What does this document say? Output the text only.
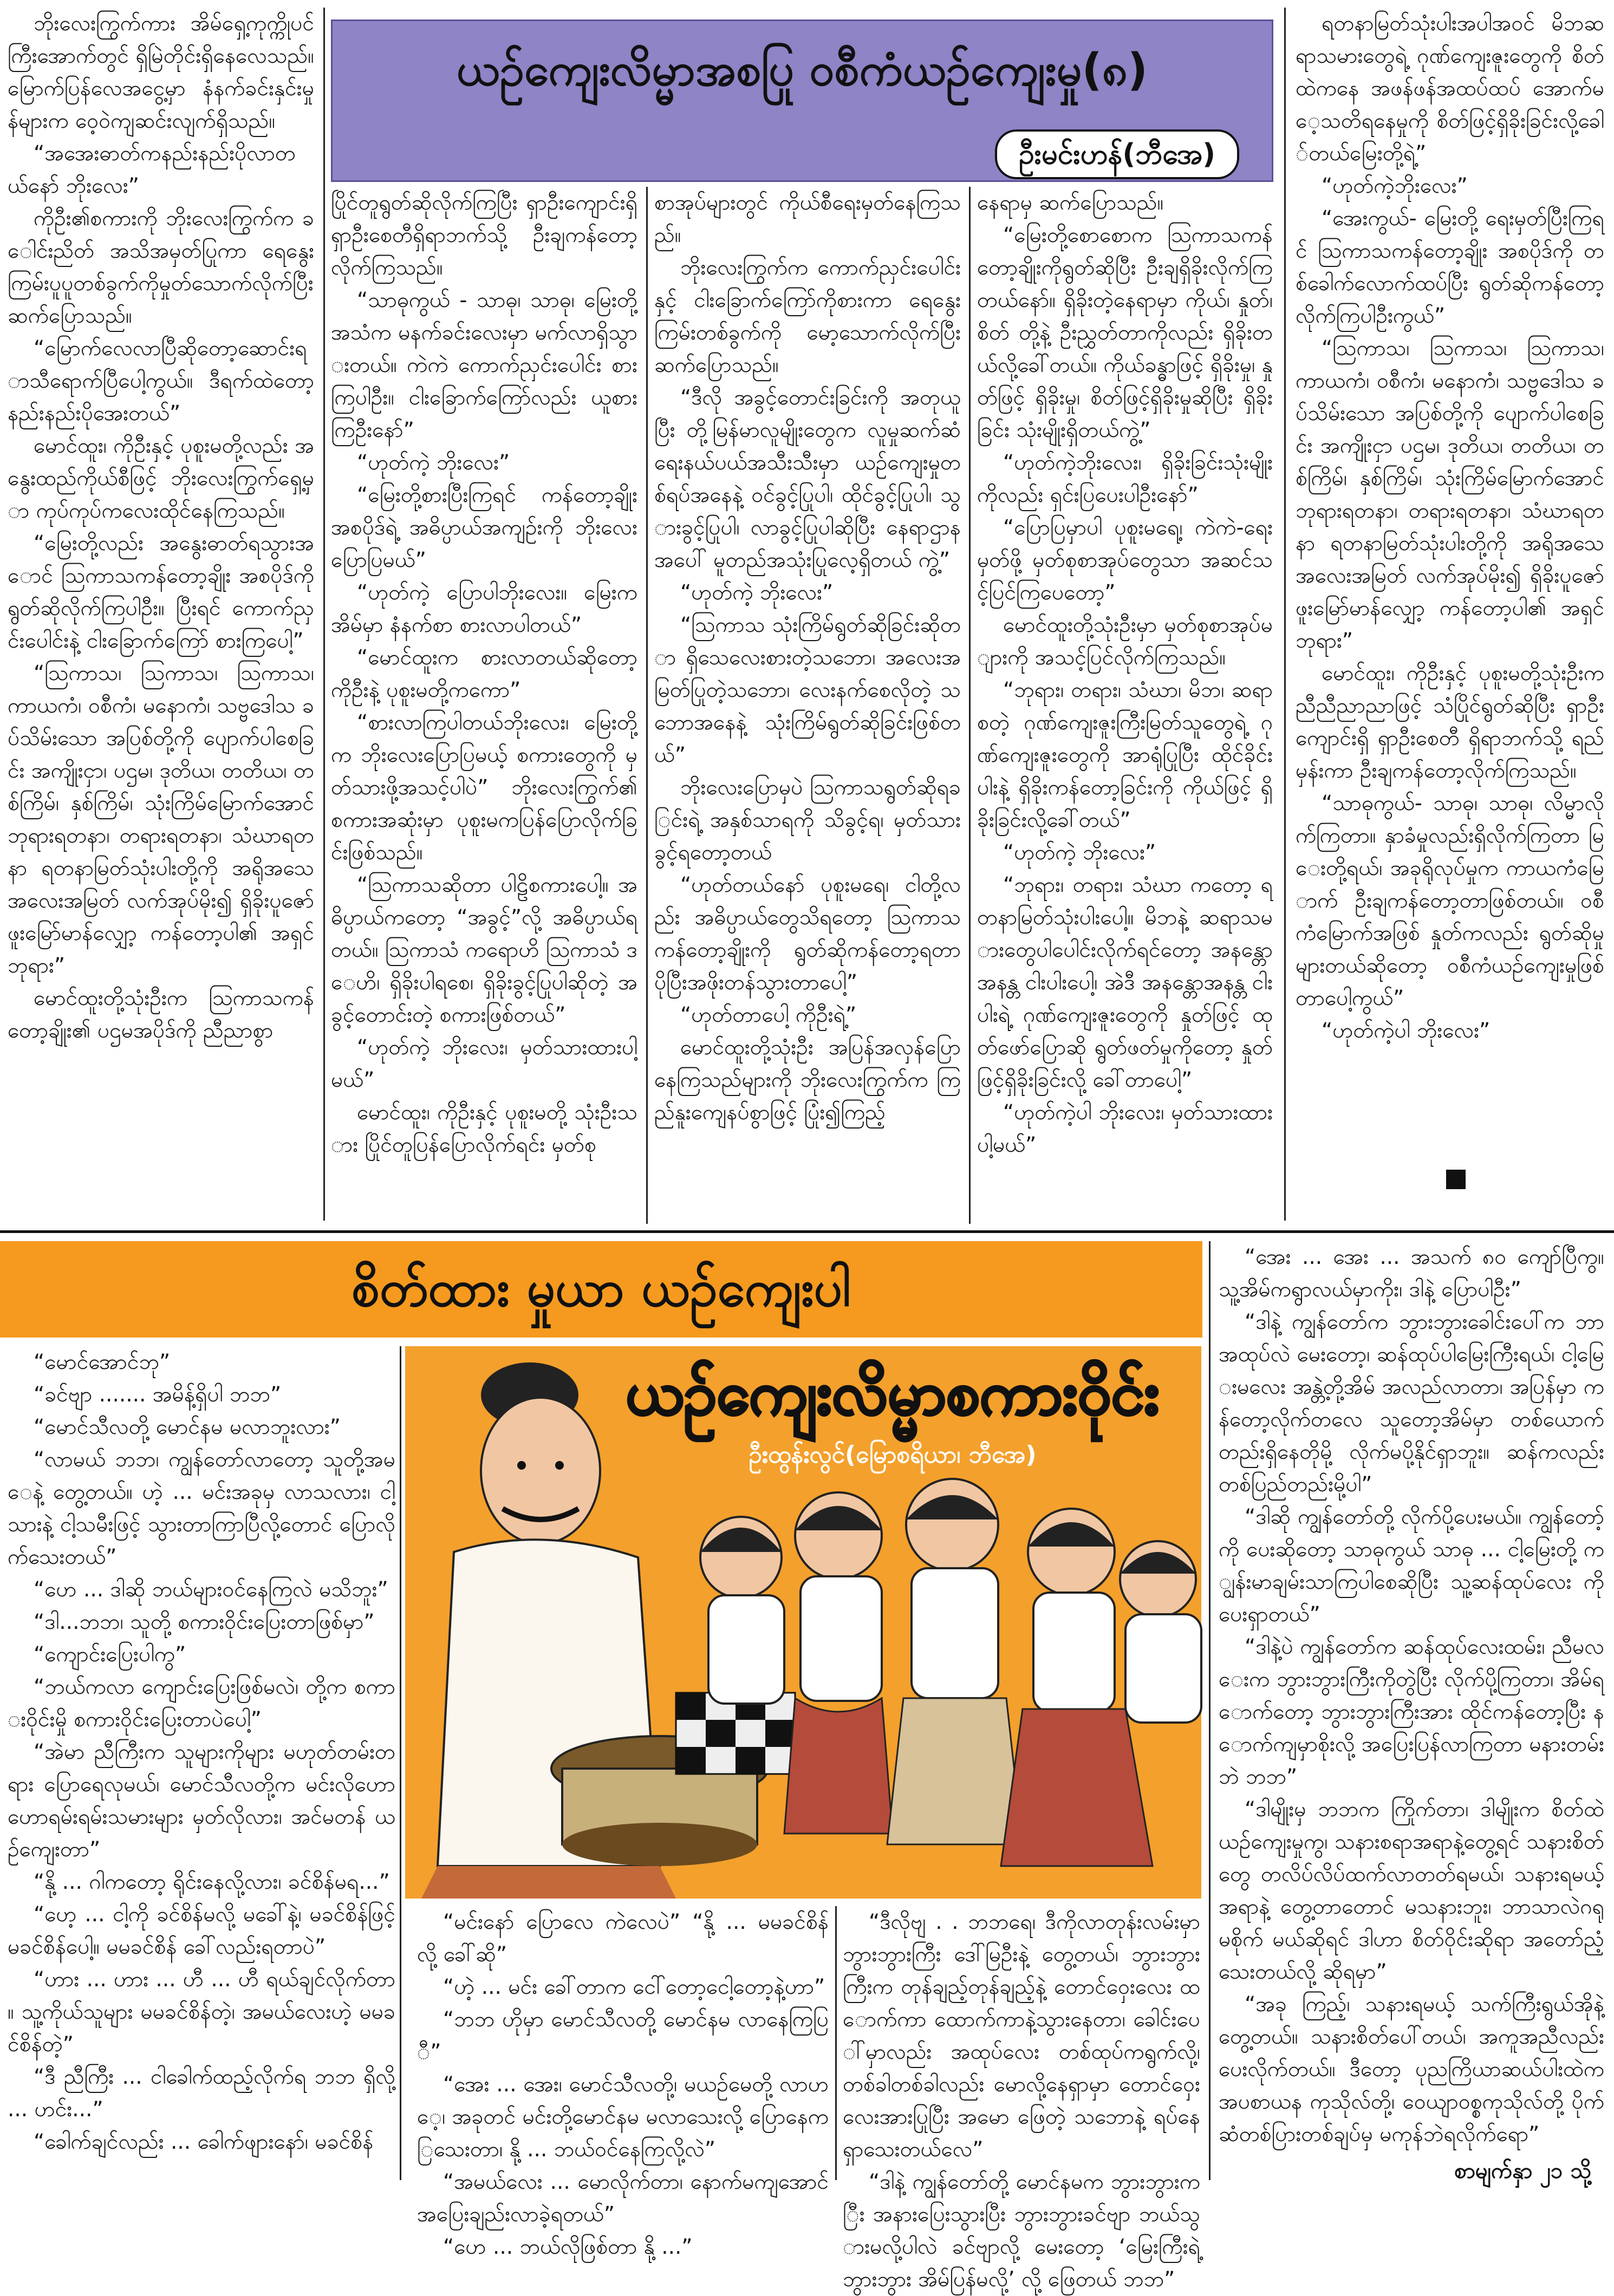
ယဉ်ကျေးလိမ္မာအစပြု ဝစီကံယဉ်ကျေးမှု(၈)
ဦးမင်းဟန်(ဘီအေ)

ဘိုးလေးကြွက်ကား အိမ်ရှေ့ကုက္ကိုပင်ကြီးအောက်တွင် ရှိမြဲတိုင်းရှိနေလေသည်။ မြောက်ပြန်လေအငွေ့မှာ နံနက်ခင်းနှင်းမှုန်များက ဝေ့ဝဲကျဆင်းလျက်ရှိသည်။

“အအေးဓာတ်ကနည်းနည်းပိုလာတယ်နော် ဘိုးလေး”

ကိုဦး၏စကားကို ဘိုးလေးကြွက်က ခေါင်းညိတ် အသိအမှတ်ပြုကာ ရေနွေးကြမ်းပူပူတစ်ခွက်ကိုမှုတ်သောက်လိုက်ပြီး ဆက်ပြောသည်။

“မြောက်လေလာပြီဆိုတော့ဆောင်းရာသီရောက်ပြီပေါ့ကွယ်။ ဒီရက်ထဲတော့ နည်းနည်းပိုအေးတယ်”

မောင်ထူး၊ ကိုဦးနှင့် ပုစူးမတို့လည်း အနွေးထည်ကိုယ်စီဖြင့် ဘိုးလေးကြွက်ရှေ့မှာ ကုပ်ကုပ်ကလေးထိုင်နေကြသည်။

“မြေးတို့လည်း အနွေးဓာတ်ရသွားအောင် ဩကာသကန်တော့ချိုး အစပိုဒ်ကို ရွတ်ဆိုလိုက်ကြပါဦး။ ပြီးရင် ကောက်ညှင်းပေါင်းနဲ့ ငါးခြောက်ကြော် စားကြပေါ့”

“ဩကာသ၊ ဩကာသ၊ ဩကာသ၊ ကာယကံ၊ ဝစီကံ၊ မနောကံ၊ သဗ္ဗဒေါသ ခပ်သိမ်းသော အပြစ်တို့ကို ပျောက်ပါစေခြင်း အကျိုးငှာ၊ ပဌမ၊ ဒုတိယ၊ တတိယ၊ တစ်ကြိမ်၊ နှစ်ကြိမ်၊ သုံးကြိမ်မြောက်အောင် ဘုရားရတနာ၊ တရားရတနာ၊ သံဃာရတနာ ရတနာမြတ်သုံးပါးတို့ကို အရိုအသေ အလေးအမြတ် လက်အုပ်မိုး၍ ရှိခိုးပူဇော် ဖူးမြော်မာန်လျှော့ ကန်တော့ပါ၏ အရှင်ဘုရား”

မောင်ထူးတို့သုံးဦးက ဩကာသကန်တော့ချိုး၏ ပဌမအပိုဒ်ကို ညီညာစွာ

ပြိုင်တူရွတ်ဆိုလိုက်ကြပြီး ရှာဦးကျောင်းရှိ ရှာဦးစေတီရှိရာဘက်သို့ ဦးချကန်တော့လိုက်ကြသည်။

“သာဓုကွယ် - သာဓု၊ သာဓု၊ မြေးတို့ အသံက မနက်ခင်းလေးမှာ မက်လာရှိသွားတယ်။ ကဲကဲ ကောက်ညှင်းပေါင်း စားကြပါဦး။ ငါးခြောက်ကြော်လည်း ယူစားကြဦးနော်”

“ဟုတ်ကဲ့ ဘိုးလေး”

“မြေးတို့စားပြီးကြရင် ကန်တော့ချိုးအစပိုဒ်ရဲ့ အဓိပ္ပာယ်အကျဉ်းကို ဘိုးလေး ပြောပြမယ်”

“ဟုတ်ကဲ့ ပြောပါဘိုးလေး။ မြေးက အိမ်မှာ နံနက်စာ စားလာပါတယ်”

“မောင်ထူးက စားလာတယ်ဆိုတော့ ကိုဦးနဲ့ ပုစူးမတို့ကကော”

“စားလာကြပါတယ်ဘိုးလေး၊ မြေးတို့က ဘိုးလေးပြောပြမယ့် စကားတွေကို မှတ်သားဖို့အသင့်ပါပဲ” ဘိုးလေးကြွက်၏ စကားအဆုံးမှာ ပုစူးမကပြန်ပြောလိုက်ခြင်းဖြစ်သည်။

“ဩကာသဆိုတာ ပါဠိစကားပေါ့။ အဓိပ္ပာယ်ကတော့ “အခွင့်”လို့ အဓိပ္ပာယ်ရတယ်။ ဩကာသံ ကရောဟိ ဩကာသံ ဒေဟိ၊ ရှိခိုးပါရစေ၊ ရှိခိုးခွင့်ပြုပါဆိုတဲ့ အခွင့်တောင်းတဲ့ စကားဖြစ်တယ်”

“ဟုတ်ကဲ့ ဘိုးလေး၊ မှတ်သားထားပါ့မယ်”

မောင်ထူး၊ ကိုဦးနှင့် ပုစူးမတို့ သုံးဦးသား ပြိုင်တူပြန်ပြောလိုက်ရင်း မှတ်စု

စာအုပ်များတွင် ကိုယ်စီရေးမှတ်နေကြသည်။

ဘိုးလေးကြွက်က ကောက်ညှင်းပေါင်းနှင့် ငါးခြောက်ကြော်ကိုစားကာ ရေနွေးကြမ်းတစ်ခွက်ကို မော့သောက်လိုက်ပြီး ဆက်ပြောသည်။

“ဒီလို အခွင့်တောင်းခြင်းကို အတုယူပြီး တို့မြန်မာလူမျိုးတွေက လူမှုဆက်ဆံရေးနယ်ပယ်အသီးသီးမှာ ယဉ်ကျေးမှုတစ်ရပ်အနေနဲ့ ဝင်ခွင့်ပြုပါ၊ ထိုင်ခွင့်ပြုပါ၊ သွားခွင့်ပြုပါ၊ လာခွင့်ပြုပါဆိုပြီး နေရာဌာနအပေါ် မူတည်အသုံးပြုလေ့ရှိတယ် ကွဲ့”

“ဟုတ်ကဲ့ ဘိုးလေး”

“ဩကာသ သုံးကြိမ်ရွတ်ဆိုခြင်းဆိုတာ ရှိသေလေးစားတဲ့သဘော၊ အလေးအမြတ်ပြုတဲ့သဘော၊ လေးနက်စေလိုတဲ့ သဘောအနေနဲ့ သုံးကြိမ်ရွတ်ဆိုခြင်းဖြစ်တယ်”

ဘိုးလေးပြောမှပဲ ဩကာသရွတ်ဆိုရခြင်းရဲ့ အနှစ်သာရကို သိခွင့်ရ၊ မှတ်သားခွင့်ရတော့တယ်

“ဟုတ်တယ်နော် ပုစူးမရေ၊ ငါတို့လည်း အဓိပ္ပာယ်တွေသိရတော့ ဩကာသကန်တော့ချိုးကို ရွတ်ဆိုကန်တော့ရတာ ပိုပြီးအဖိုးတန်သွားတာပေါ့”

“ဟုတ်တာပေါ့ ကိုဦးရဲ့”

မောင်ထူးတို့သုံးဦး အပြန်အလှန်ပြောနေကြသည်များကို ဘိုးလေးကြွက်က ကြည်နူးကျေနပ်စွာဖြင့် ပြုံး၍ကြည့်

နေရာမှ ဆက်ပြောသည်။

“မြေးတို့စောစောက ဩကာသကန်တော့ချိုးကိုရွတ်ဆိုပြီး ဦးချရှိခိုးလိုက်ကြတယ်နော်။ ရှိခိုးတဲ့နေရာမှာ ကိုယ်၊ နှုတ်၊ စိတ် တို့နဲ့ ဦးညွှတ်တာကိုလည်း ရှိခိုးတယ်လို့ခေါ်တယ်။ ကိုယ်ခန္ဓာဖြင့် ရှိခိုးမှု၊ နှုတ်ဖြင့် ရှိခိုးမှု၊ စိတ်ဖြင့်ရှိခိုးမှုဆိုပြီး ရှိခိုးခြင်း သုံးမျိုးရှိတယ်ကွဲ့”

“ဟုတ်ကဲ့ဘိုးလေး၊ ရှိခိုးခြင်းသုံးမျိုးကိုလည်း ရှင်းပြပေးပါဦးနော်”

“ပြောပြမှာပါ ပုစူးမရေ့၊ ကဲကဲ-ရေးမှတ်ဖို့ မှတ်စုစာအုပ်တွေသာ အဆင်သင့်ပြင်ကြပေတော့”

မောင်ထူးတို့သုံးဦးမှာ မှတ်စုစာအုပ်များကို အသင့်ပြင်လိုက်ကြသည်။

“ဘုရား၊ တရား၊ သံဃာ၊ မိဘ၊ ဆရာစတဲ့ ဂုဏ်ကျေးဇူးကြီးမြတ်သူတွေရဲ့ ဂုဏ်ကျေးဇူးတွေကို အာရုံပြုပြီး ထိုင်ခိုင်းပါးနဲ့ ရှိခိုးကန်တော့ခြင်းကို ကိုယ်ဖြင့် ရှိခိုးခြင်းလို့ခေါ်တယ်”

“ဟုတ်ကဲ့ ဘိုးလေး”

“ဘုရား၊ တရား၊ သံဃာ ကတော့ ရတနာမြတ်သုံးပါးပေါ့။ မိဘနဲ့ ဆရာသမားတွေပါပေါင်းလိုက်ရင်တော့ အနန္တော အနန္တ ငါးပါးပေါ့၊ အဲဒီ အနန္တောအနန္တ ငါးပါးရဲ့ ဂုဏ်ကျေးဇူးတွေကို နှုတ်ဖြင့် ထုတ်ဖော်ပြောဆို ရွတ်ဖတ်မှုကိုတော့ နှုတ်ဖြင့်ရှိခိုးခြင်းလို့ ခေါ်တာပေါ့”

“ဟုတ်ကဲ့ပါ ဘိုးလေး၊ မှတ်သားထားပါ့မယ်”

ရတနာမြတ်သုံးပါးအပါအဝင် မိဘဆရာသမားတွေရဲ့ ဂုဏ်ကျေးဇူးတွေကို စိတ်ထဲကနေ အဖန်ဖန်အထပ်ထပ် အောက်မေ့သတိရနေမှုကို စိတ်ဖြင့်ရှိခိုးခြင်းလို့ခေါ်တယ်မြေးတို့ရဲ့”

“ဟုတ်ကဲ့ဘိုးလေး”

“အေးကွယ်- မြေးတို့ ရေးမှတ်ပြီးကြရင် ဩကာသကန်တော့ချိုး အစပိုဒ်ကို တစ်ခေါက်လောက်ထပ်ပြီး ရွတ်ဆိုကန်တော့လိုက်ကြပါဦးကွယ်”

“ဩကာသ၊ ဩကာသ၊ ဩကာသ၊ ကာယကံ၊ ဝစီကံ၊ မနောကံ၊ သဗ္ဗဒေါသ ခပ်သိမ်းသော အပြစ်တို့ကို ပျောက်ပါစေခြင်း အကျိုးငှာ ပဌမ၊ ဒုတိယ၊ တတိယ၊ တစ်ကြိမ်၊ နှစ်ကြိမ်၊ သုံးကြိမ်မြောက်အောင် ဘုရားရတနာ၊ တရားရတနာ၊ သံဃာရတနာ ရတနာမြတ်သုံးပါးတို့ကို အရိုအသေ အလေးအမြတ် လက်အုပ်မိုး၍ ရှိခိုးပူဇော် ဖူးမြော်မာန်လျှော့ ကန်တော့ပါ၏ အရှင်ဘုရား”

မောင်ထူး၊ ကိုဦးနှင့် ပုစူးမတို့သုံးဦးက ညီညီညာညာဖြင့် သံပြိုင်ရွတ်ဆိုပြီး ရှာဦးကျောင်းရှိ ရှာဦးစေတီ ရှိရာဘက်သို့ ရည်မှန်းကာ ဦးချကန်တော့လိုက်ကြသည်။

“သာဓုကွယ်- သာဓု၊ သာဓု၊ လိမ္မာလိုက်ကြတာ။ နှာခံမှုလည်းရှိလိုက်ကြတာ မြေးတို့ရယ်၊ အခုရိုလုပ်မှုက ကာယကံမြောက် ဦးချကန်တော့တာဖြစ်တယ်။ ဝစီကံမြောက်အဖြစ် နှုတ်ကလည်း ရွတ်ဆိုမှုများတယ်ဆိုတော့ ဝစီကံယဉ်ကျေးမှုဖြစ်တာပေါ့ကွယ်”

“ဟုတ်ကဲ့ပါ ဘိုးလေး”

စိတ်ထား မှုယာ ယဉ်ကျေးပါ

“မောင်အောင်ဘု”

“ခင်ဗျာ ....... အမိန့်ရှိပါ ဘဘ”

“မောင်သီလတို့ မောင်နမ မလာဘူးလား”

“လာမယ် ဘဘ၊ ကျွန်တော်လာတော့ သူတို့အမေနဲ့ တွေ့တယ်။ ဟဲ့ ... မင်းအခုမှ လာသလား၊ ငါ့သားနဲ့ ငါ့သမီးဖြင့် သွားတာကြာပြီလို့တောင် ပြောလိုက်သေးတယ်”

“ဟေ ... ဒါဆို ဘယ်များဝင်နေကြလဲ မသိဘူး”

“ဒါ...ဘဘ၊ သူတို့ စကားဝိုင်းပြေးတာဖြစ်မှာ”

“ကျောင်းပြေးပါကွ”

“ဘယ်ကလာ ကျောင်းပြေးဖြစ်မလဲ၊ တို့က စကားဝိုင်းမှို စကားဝိုင်းပြေးတာပဲပေါ့”

“အဲမာ ညီကြီးက သူများကိုများ မဟုတ်တမ်းတရား ပြောရေလုမယ်၊ မောင်သီလတို့က မင်းလိုဟောဟောရမ်းရမ်းသမားများ မှတ်လိုလား၊ အင်မတန် ယဉ်ကျေးတာ”

“နို့ ... ဂါကတော့ ရိုင်းနေလို့လား၊ ခင်စိန်မရ...”

“ဟေ့ ... ငါ့ကို ခင်စိန်မလို့ မခေါ်နဲ့၊ မခင်စိန်ဖြင့် မခင်စိန်ပေါ့။ မမခင်စိန် ခေါ်လည်းရတာပဲ”

“ဟား ... ဟား ... ဟီ ... ဟီ ရယ်ချင်လိုက်တာ။ သူ့ကိုယ်သူများ မမခင်စိန်တဲ့၊ အမယ်လေးဟဲ့ မမခင်စိန်တဲ့”

“ဒီ ညီကြီး ... ငါခေါက်ထည့်လိုက်ရ ဘဘ ရှိလို့ ... ဟင်း...”

“ခေါက်ချင်လည်း ... ခေါက်ဖျားနော်၊ မခင်စိန်

ယဉ်ကျေးလိမ္မာစကားဝိုင်း
ဦးထွန်းလွင်(မြောစရိယာ၊ ဘီအေ)

“မင်းနော် ပြောလေ ကဲလေပဲ” “နို့ ... မမခင်စိန် လို့ ခေါ်ဆို”

“ဟဲ့ ... မင်း ခေါ်တာက ငေါ်တော့ငေါ့တော့နဲ့ဟာ”

“ဘဘ ဟိုမှာ မောင်သီလတို့ မောင်နမ လာနေကြပြီ”

“အေး ... အေး၊ မောင်သီလတို့၊ မယဉ်မေတို့ လာဟေ့၊ အခုတင် မင်းတို့မောင်နမ မလာသေးလို့ ပြောနေကြသေးတာ၊ နို့ ... ဘယ်ဝင်နေကြလို့လဲ”

“အမယ်လေး ... မောလိုက်တာ၊ နောက်မကျအောင် အပြေးချည်းလာခဲ့ရတယ်”

“ဟေ ... ဘယ်လိုဖြစ်တာ နို့ ...”

“ဒီလိုဗျ . . ဘဘရေ၊ ဒီကိုလာတုန်းလမ်းမှာ ဘွားဘွားကြီး ဒေါ်မြဦးနဲ့ တွေ့တယ်၊ ဘွားဘွားကြီးက တုန်ချည့်တုန်ချည့်နဲ့ တောင်ဝှေးလေး ထောက်ကာ ထောက်ကာနဲ့သွားနေတာ၊ ခေါင်းပေါ်မှာလည်း အထုပ်လေး တစ်ထုပ်ကရွက်လို့၊ တစ်ခါတစ်ခါလည်း မောလို့နေရှာမှာ တောင်ဝှေးလေးအားပြုပြီး အမော ဖြေတဲ့ သဘောနဲ့ ရပ်နေရှာသေးတယ်လေ”

“ဒါနဲ့ ကျွန်တော်တို့ မောင်နမက ဘွားဘွားကြီး အနားပြေးသွားပြီး ဘွားဘွားခင်ဗျာ ဘယ်သွားမလို့ပါလဲ ခင်ဗျာလို့ မေးတော့ ‘မြေးကြီးရဲ့ ဘွားဘွား အိမ်ပြန်မလို့’ လို့ ဖြေတယ် ဘဘ”

“အေး ... အေး ... အသက် ၈၀ ကျော်ပြီကွ။ သူ့အိမ်ကရွာလယ်မှာကိုး၊ ဒါနဲ့ ပြောပါဦး”

“ဒါနဲ့ ကျွန်တော်က ဘွားဘွားခေါင်းပေါ်က ဘာအထုပ်လဲ မေးတော့၊ ဆန်ထုပ်ပါမြေးကြီးရယ်၊ ငါ့မြေးမလေး အန္တဲ့တို့အိမ် အလည်လာတာ၊ အပြန်မှာ ကန်တော့လိုက်တလေ သူတော့အိမ်မှာ တစ်ယောက် တည်းရှိနေတိုမို့ လိုက်မပို့နိုင်ရှာဘူး။ ဆန်ကလည်း တစ်ပြည်တည်းမို့ပါ”

“ဒါဆို ကျွန်တော်တို့ လိုက်ပို့ပေးမယ်။ ကျွန်တော့်ကို ပေးဆိုတော့ သာဓုကွယ် သာဓု ... ငါ့မြေးတို့ ကျွန်းမာချမ်းသာကြပါစေဆိုပြီး သူ့ဆန်ထုပ်လေး ကို ပေးရှာတယ်”

“ဒါနဲ့ပဲ ကျွန်တော်က ဆန်ထုပ်လေးထမ်း၊ ညီမလေးက ဘွားဘွားကြီးကိုတွဲပြီး လိုက်ပို့ကြတာ၊ အိမ်ရောက်တော့ ဘွားဘွားကြီးအား ထိုင်ကန်တော့ပြီး နောက်ကျမှာစိုးလို့ အပြေးပြန်လာကြတာ မနားတမ်း ဘဲ ဘဘ”

“ဒါမျိုးမှ ဘဘက ကြိုက်တာ၊ ဒါမျိုးက စိတ်ထဲ ယဉ်ကျေးမှုကွ၊ သနားစရာအရာနဲ့တွေ့ရင် သနားစိတ်တွေ တလိပ်လိပ်ထက်လာတတ်ရမယ်၊ သနားရမယ့် အရာနဲ့ တွေ့တာတောင် မသနားဘူး၊ ဘာသာလဲဂရုမစိုက် မယ်ဆိုရင် ဒါဟာ စိတ်ဝိုင်းဆိုရာ အတော်ညံ့သေးတယ်လို့ ဆိုရမှာ”

“အခု ကြည့်၊ သနားရမယ့် သက်ကြီးရွယ်အိုနဲ့ တွေ့တယ်။ သနားစိတ်ပေါ်တယ်၊ အကူအညီလည်း ပေးလိုက်တယ်။ ဒီတော့ ပုညကြိယာဆယ်ပါးထဲက အပစာယန ကုသိုလ်တို့၊ ဝေယျာဝစ္စကုသိုလ်တို့ ပိုက်ဆံတစ်ပြားတစ်ချပ်မှ မကုန်ဘဲရလိုက်ရော”

စာမျက်နှာ ၂၁ သို့
